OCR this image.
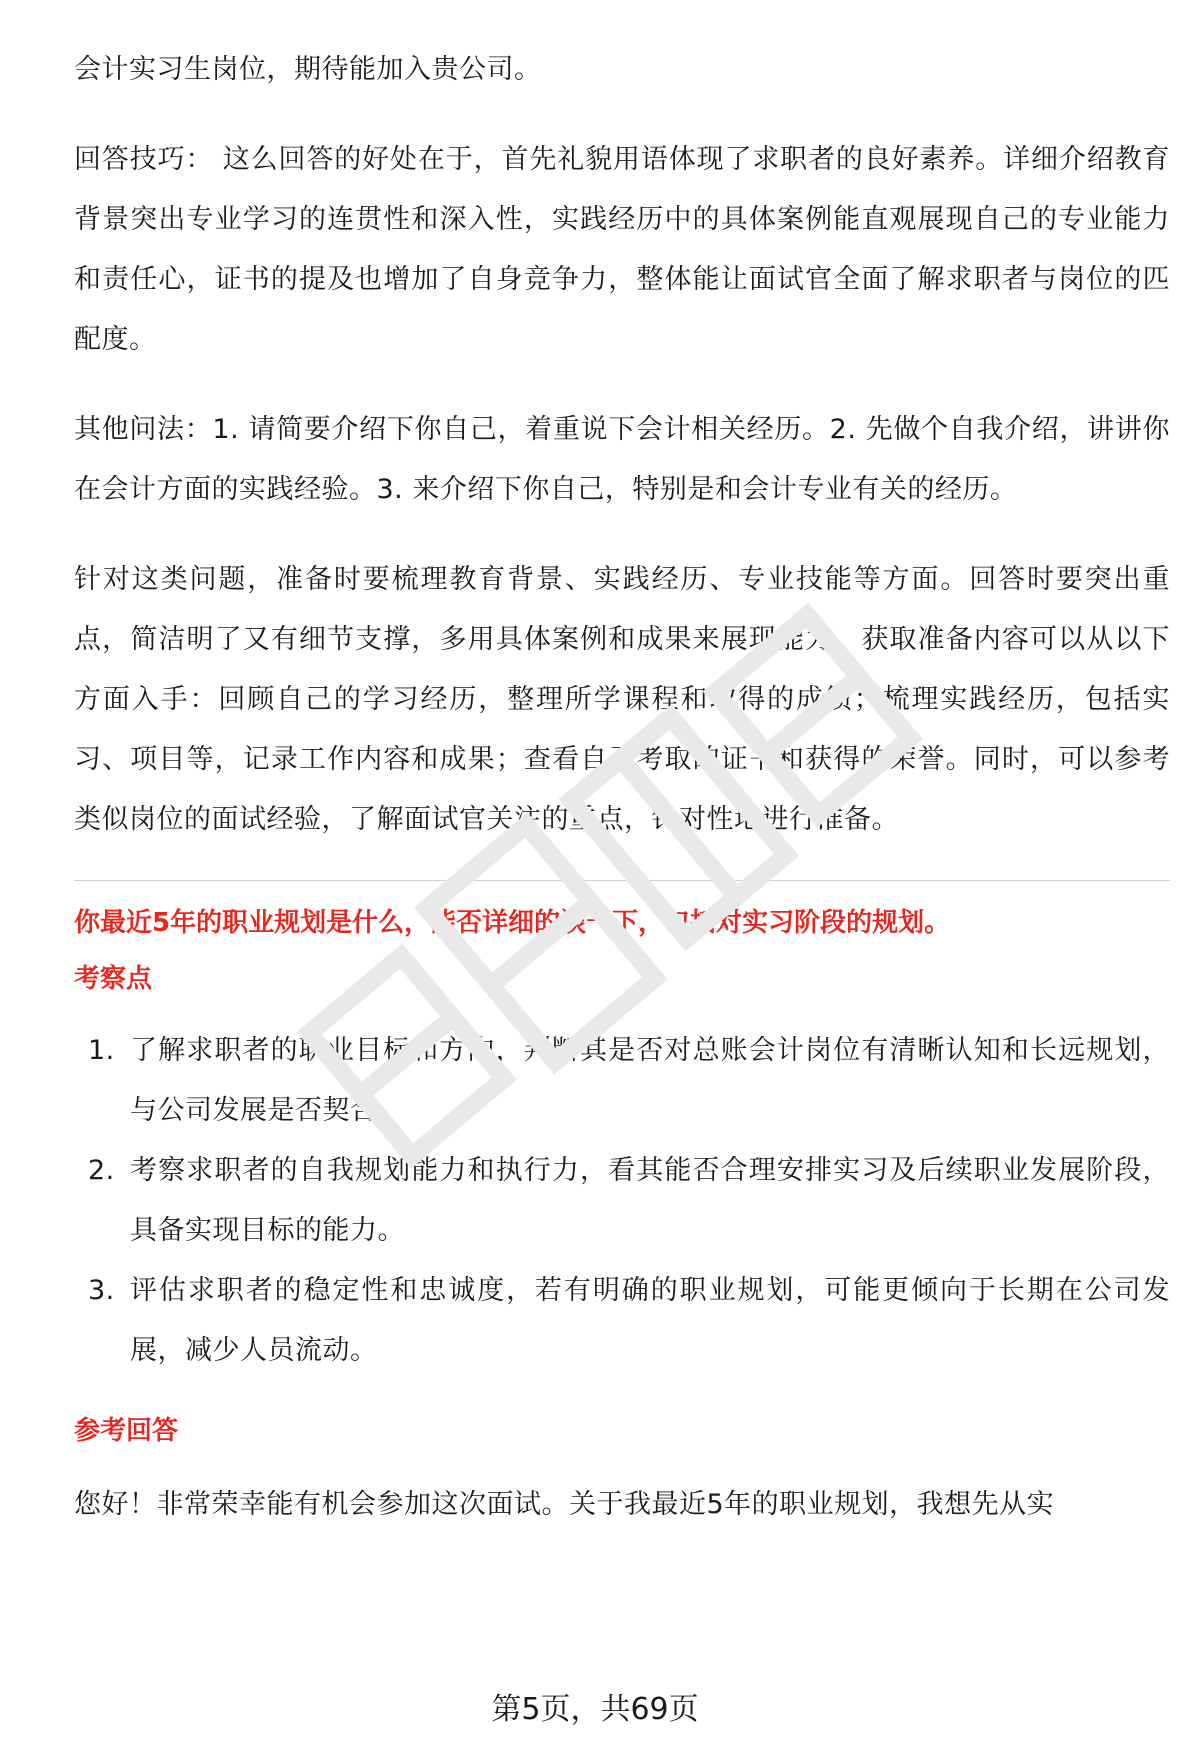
会计实习生岗位，期待能加入贵公司。

回答技巧： 这么回答的好处在于，首先礼貌用语体现了求职者的良好素养。详细介绍教育背景突出专业学习的连贯性和深入性，实践经历中的具体案例能直观展现自己的专业能力和责任心，证书的提及也增加了自身竞争力，整体能让面试官全面了解求职者与岗位的匹配度。

其他问法：1. 请简要介绍下你自己，着重说下会计相关经历。2. 先做个自我介绍，讲讲你在会计方面的实践经验。3. 来介绍下你自己，特别是和会计专业有关的经历。

针对这类问题，准备时要梳理教育背景、实践经历、专业技能等方面。回答时要突出重点，简洁明了又有细节支撑，多用具体案例和成果来展现能力。获取准备内容可以从以下方面入手：回顾自己的学习经历，整理所学课程和取得的成绩；梳理实践经历，包括实习、项目等，记录工作内容和成果；查看自己考取的证书和获得的荣誉。同时，可以参考类似岗位的面试经验，了解面试官关注的重点，针对性地进行准备。

你最近5年的职业规划是什么，能否详细的谈一下，包括对实习阶段的规划。

考察点

1. 了解求职者的职业目标和方向，判断其是否对总账会计岗位有清晰认知和长远规划，与公司发展是否契合。
2. 考察求职者的自我规划能力和执行力，看其能否合理安排实习及后续职业发展阶段，具备实现目标的能力。
3. 评估求职者的稳定性和忠诚度，若有明确的职业规划，可能更倾向于长期在公司发展，减少人员流动。

参考回答

您好！非常荣幸能有机会参加这次面试。关于我最近5年的职业规划，我想先从实

第5页，共69页
